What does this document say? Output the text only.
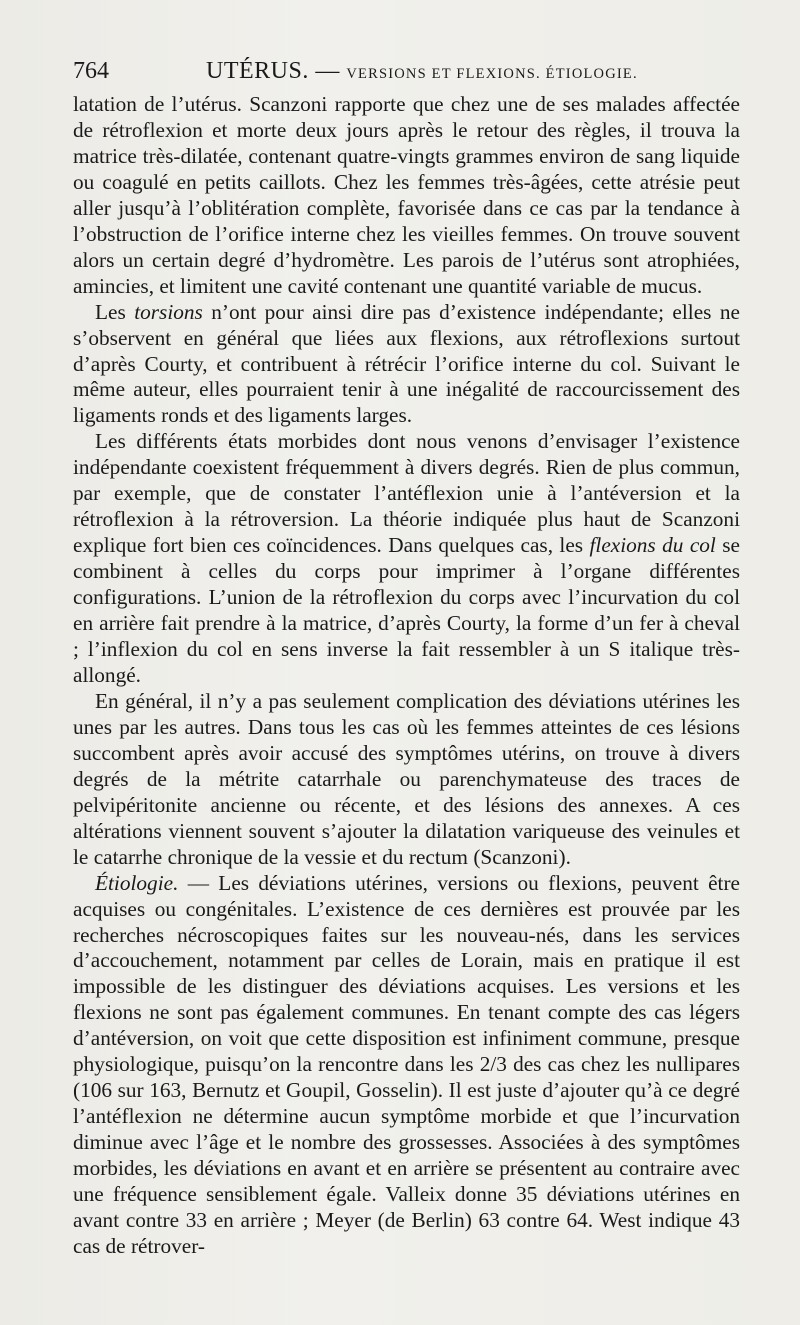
764	UTÉRUS. — VERSIONS ET FLEXIONS. ÉTIOLOGIE.

latation de l’utérus. Scanzoni rapporte que chez une de ses malades affectée de rétroflexion et morte deux jours après le retour des règles, il trouva la matrice très-dilatée, contenant quatre-vingts grammes environ de sang liquide ou coagulé en petits caillots. Chez les femmes très-âgées, cette atrésie peut aller jusqu’à l’oblitération complète, favorisée dans ce cas par la tendance à l’obstruction de l’orifice interne chez les vieilles femmes. On trouve souvent alors un certain degré d’hydromètre. Les parois de l’utérus sont atrophiées, amincies, et limitent une cavité contenant une quantité variable de mucus.

Les torsions n’ont pour ainsi dire pas d’existence indépendante; elles ne s’observent en général que liées aux flexions, aux rétroflexions surtout d’après Courty, et contribuent à rétrécir l’orifice interne du col. Suivant le même auteur, elles pourraient tenir à une inégalité de raccourcissement des ligaments ronds et des ligaments larges.

Les différents états morbides dont nous venons d’envisager l’existence indépendante coexistent fréquemment à divers degrés. Rien de plus commun, par exemple, que de constater l’antéflexion unie à l’antéversion et la rétroflexion à la rétroversion. La théorie indiquée plus haut de Scanzoni explique fort bien ces coïncidences. Dans quelques cas, les flexions du col se combinent à celles du corps pour imprimer à l’organe différentes configurations. L’union de la rétroflexion du corps avec l’incurvation du col en arrière fait prendre à la matrice, d’après Courty, la forme d’un fer à cheval ; l’inflexion du col en sens inverse la fait ressembler à un S italique très-allongé.

En général, il n’y a pas seulement complication des déviations utérines les unes par les autres. Dans tous les cas où les femmes atteintes de ces lésions succombent après avoir accusé des symptômes utérins, on trouve à divers degrés de la métrite catarrhale ou parenchymateuse des traces de pelvipéritonite ancienne ou récente, et des lésions des annexes. A ces altérations viennent souvent s’ajouter la dilatation variqueuse des veinules et le catarrhe chronique de la vessie et du rectum (Scanzoni).

Étiologie. — Les déviations utérines, versions ou flexions, peuvent être acquises ou congénitales. L’existence de ces dernières est prouvée par les recherches nécroscopiques faites sur les nouveau-nés, dans les services d’accouchement, notamment par celles de Lorain, mais en pratique il est impossible de les distinguer des déviations acquises. Les versions et les flexions ne sont pas également communes. En tenant compte des cas légers d’antéversion, on voit que cette disposition est infiniment commune, presque physiologique, puisqu’on la rencontre dans les 2/3 des cas chez les nullipares (106 sur 163, Bernutz et Goupil, Gosselin). Il est juste d’ajouter qu’à ce degré l’antéflexion ne détermine aucun symptôme morbide et que l’incurvation diminue avec l’âge et le nombre des grossesses. Associées à des symptômes morbides, les déviations en avant et en arrière se présentent au contraire avec une fréquence sensiblement égale. Valleix donne 35 déviations utérines en avant contre 33 en arrière ; Meyer (de Berlin) 63 contre 64. West indique 43 cas de rétrover-
